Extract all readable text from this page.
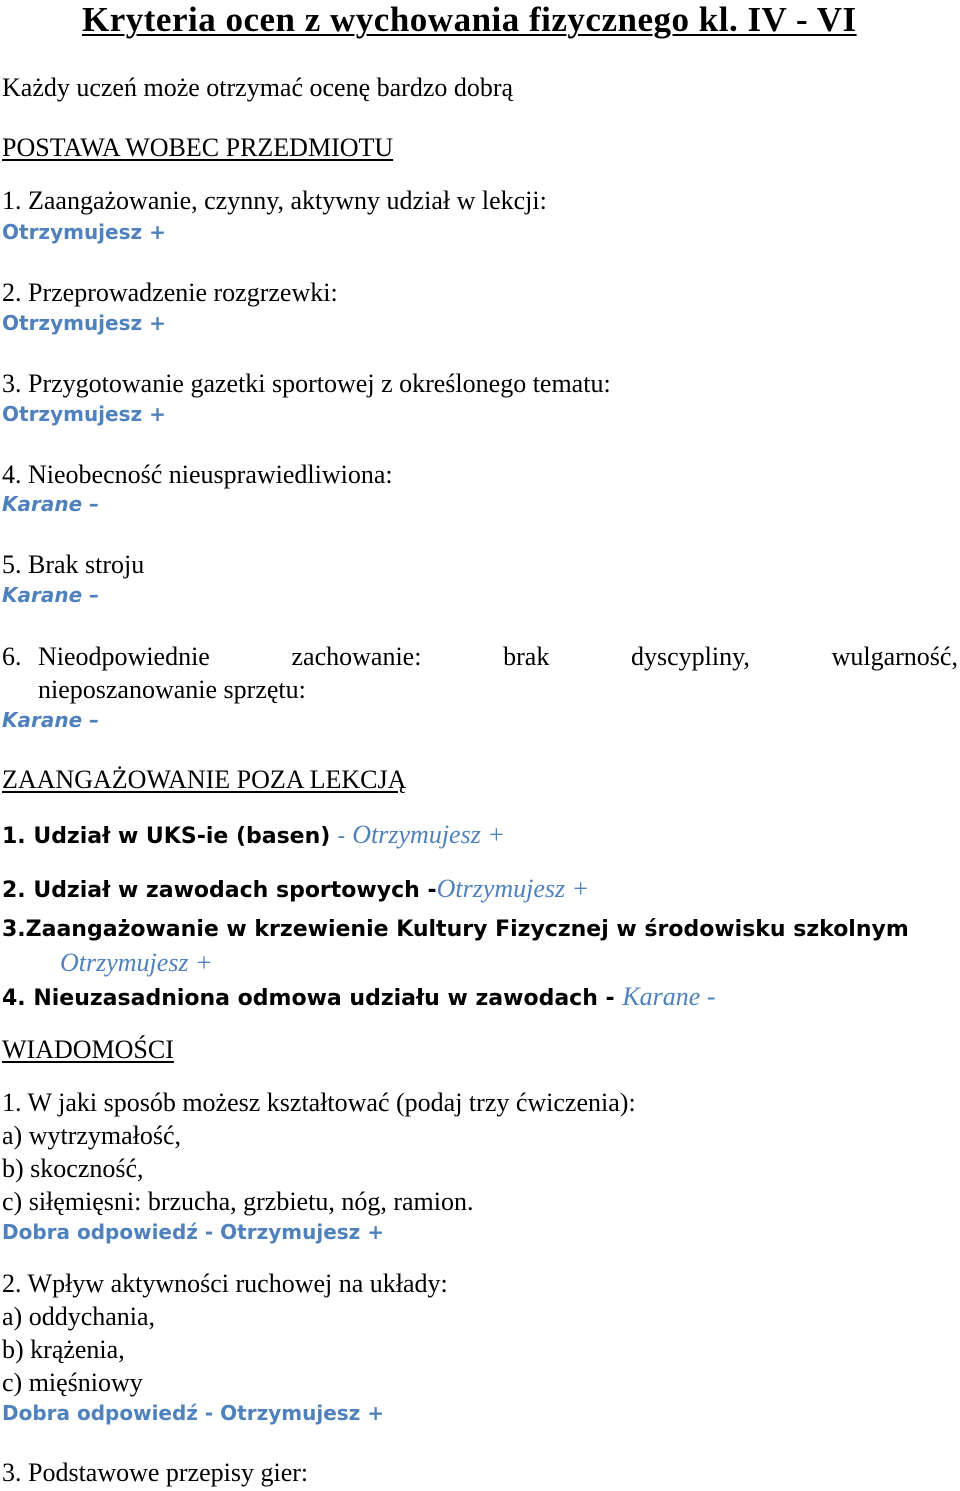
Kryteria ocen z wychowania fizycznego kl. IV - VI
Każdy uczeń może otrzymać ocenę bardzo dobrą
POSTAWA WOBEC PRZEDMIOTU
1. Zaangażowanie, czynny, aktywny udział w lekcji:
Otrzymujesz +
2. Przeprowadzenie rozgrzewki:
Otrzymujesz +
3. Przygotowanie gazetki sportowej z określonego tematu:
Otrzymujesz +
4. Nieobecność nieusprawiedliwiona:
Karane –
5. Brak stroju
Karane –
6. Nieodpowiednie	zachowanie:	brak	dyscypliny,	wulgarność,
nieposzanowanie sprzętu:
Karane –
ZAANGAŻOWANIE POZA LEKCJĄ
1. Udział w UKS-ie (basen) - Otrzymujesz +
2. Udział w zawodach sportowych -Otrzymujesz +
3.Zaangażowanie w krzewienie Kultury Fizycznej w środowisku szkolnym
Otrzymujesz +
4. Nieuzasadniona odmowa udziału w zawodach - Karane -
WIADOMOŚCI
1. W jaki sposób możesz kształtować (podaj trzy ćwiczenia):
a) wytrzymałość,
b) skoczność,
c) siłęmięsni: brzucha, grzbietu, nóg, ramion.
Dobra odpowiedź - Otrzymujesz +
2. Wpływ aktywności ruchowej na układy:
a) oddychania,
b) krążenia,
c) mięśniowy
Dobra odpowiedź - Otrzymujesz +
3. Podstawowe przepisy gier:
